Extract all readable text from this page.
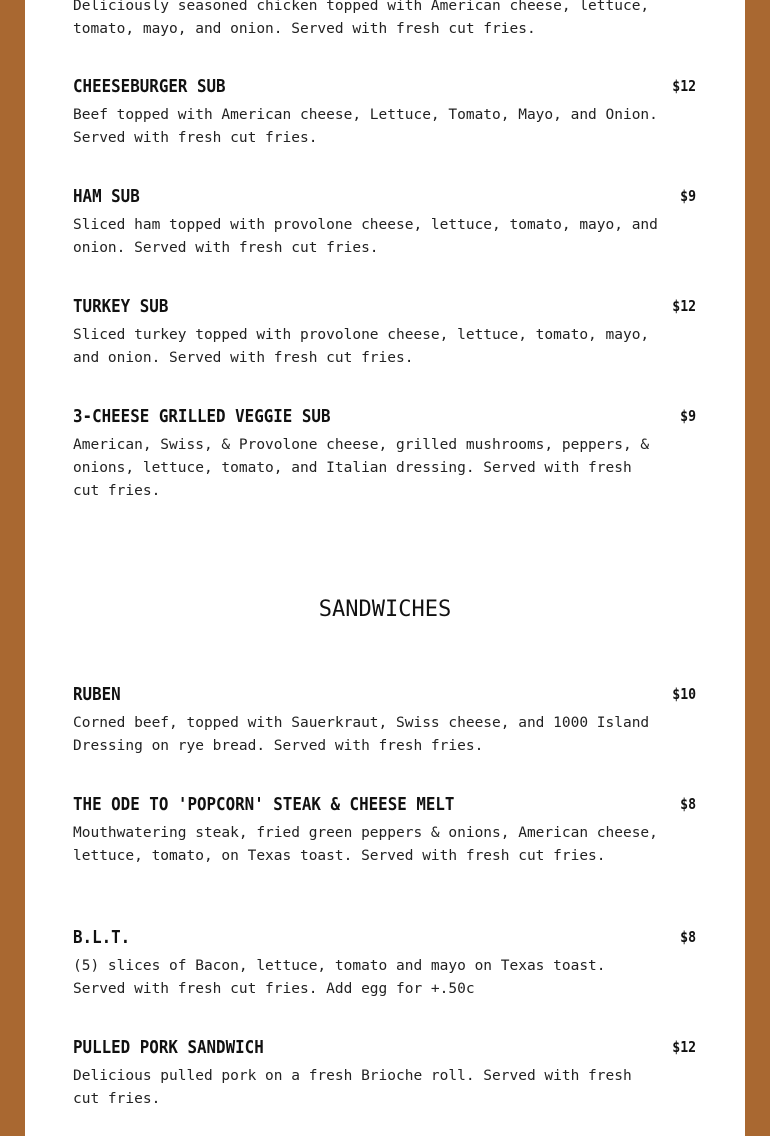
Deliciously seasoned chicken topped with American cheese, lettuce, tomato, mayo, and onion. Served with fresh cut fries.

CHEESEBURGER SUB	$12

Beef topped with American cheese, Lettuce, Tomato, Mayo, and Onion. Served with fresh cut fries.

HAM SUB	$9

Sliced ham topped with provolone cheese, lettuce, tomato, mayo, and onion. Served with fresh cut fries.

TURKEY SUB	$12

Sliced turkey topped with provolone cheese, lettuce, tomato, mayo, and onion. Served with fresh cut fries.

3-CHEESE GRILLED VEGGIE SUB	$9

American, Swiss, & Provolone cheese, grilled mushrooms, peppers, & onions, lettuce, tomato, and Italian dressing. Served with fresh cut fries.

SANDWICHES
RUBEN	$10

Corned beef, topped with Sauerkraut, Swiss cheese, and 1000 Island Dressing on rye bread. Served with fresh fries.

THE ODE TO 'POPCORN' STEAK & CHEESE MELT	$8

Mouthwatering steak, fried green peppers & onions, American cheese, lettuce, tomato, on Texas toast. Served with fresh cut fries.

B.L.T.	$8

(5) slices of Bacon, lettuce, tomato and mayo on Texas toast. Served with fresh cut fries. Add egg for +.50c

PULLED PORK SANDWICH	$12

Delicious pulled pork on a fresh Brioche roll. Served with fresh cut fries.
